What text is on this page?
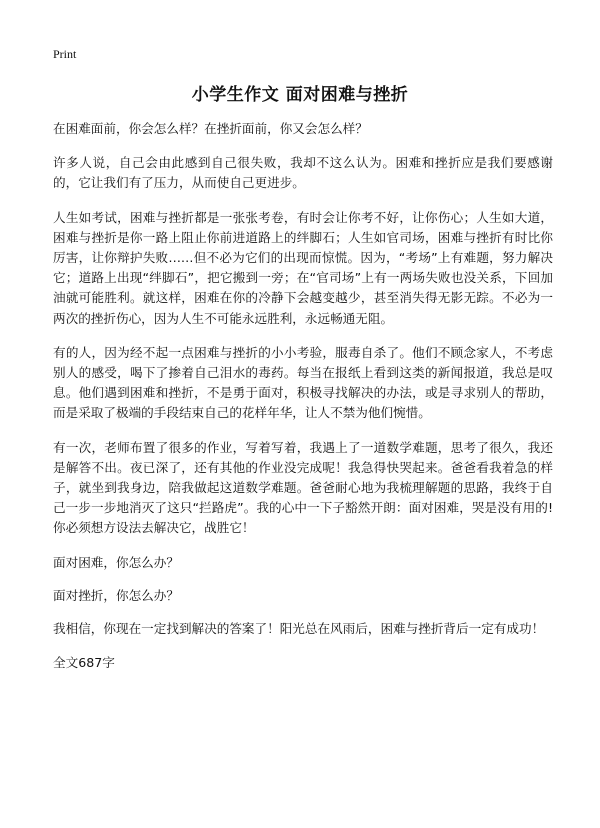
Print
小学生作文 面对困难与挫折

在困难面前，你会怎么样？在挫折面前，你又会怎么样？

许多人说，自己会由此感到自己很失败，我却不这么认为。困难和挫折应是我们要感谢的，它让我们有了压力，从而使自己更进步。

人生如考试，困难与挫折都是一张张考卷，有时会让你考不好，让你伤心；人生如大道，困难与挫折是你一路上阻止你前进道路上的绊脚石；人生如官司场，困难与挫折有时比你厉害，让你辩护失败……但不必为它们的出现而惊慌。因为，“考场”上有难题，努力解决它；道路上出现“绊脚石”，把它搬到一旁；在“官司场”上有一两场失败也没关系，下回加油就可能胜利。就这样，困难在你的冷静下会越变越少，甚至消失得无影无踪。不必为一两次的挫折伤心，因为人生不可能永远胜利，永远畅通无阻。

有的人，因为经不起一点困难与挫折的小小考验，服毒自杀了。他们不顾念家人，不考虑别人的感受，喝下了掺着自己泪水的毒药。每当在报纸上看到这类的新闻报道，我总是叹息。他们遇到困难和挫折，不是勇于面对，积极寻找解决的办法，或是寻求别人的帮助，而是采取了极端的手段结束自己的花样年华，让人不禁为他们惋惜。

有一次，老师布置了很多的作业，写着写着，我遇上了一道数学难题，思考了很久，我还是解答不出。夜已深了，还有其他的作业没完成呢！我急得快哭起来。爸爸看我着急的样子，就坐到我身边，陪我做起这道数学难题。爸爸耐心地为我梳理解题的思路，我终于自己一步一步地消灭了这只“拦路虎”。我的心中一下子豁然开朗：面对困难，哭是没有用的!你必须想方设法去解决它，战胜它！

面对困难，你怎么办？

面对挫折，你怎么办？

我相信，你现在一定找到解决的答案了！阳光总在风雨后，困难与挫折背后一定有成功！

全文687字
